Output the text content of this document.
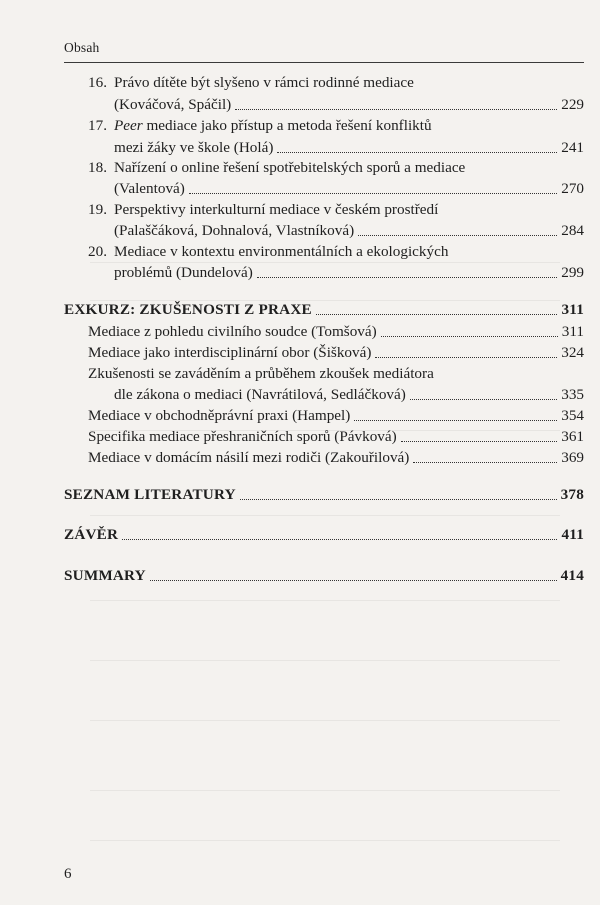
Obsah
16. Právo dítěte být slyšeno v rámci rodinné mediace
(Kováčová, Spáčil)	229
17. Peer mediace jako přístup a metoda řešení konfliktů
mezi žáky ve škole (Holá)	241
18. Nařízení o online řešení spotřebitelských sporů a mediace
(Valentová)	270
19. Perspektivy interkulturní mediace v českém prostředí
(Palaščáková, Dohnalová, Vlastníková)	284
20. Mediace v kontextu environmentálních a ekologických
problémů (Dundelová)	299
EXKURZ: ZKUŠENOSTI Z PRAXE	311
Mediace z pohledu civilního soudce (Tomšová)	311
Mediace jako interdisciplinární obor (Šišková)	324
Zkušenosti se zaváděním a průběhem zkoušek mediátora
dle zákona o mediaci (Navrátilová, Sedláčková)	335
Mediace v obchodněprávní praxi (Hampel)	354
Specifika mediace přeshraničních sporů (Pávková)	361
Mediace v domácím násilí mezi rodiči (Zakouřilová)	369
SEZNAM LITERATURY	378
ZÁVĚR	411
SUMMARY	414
6
